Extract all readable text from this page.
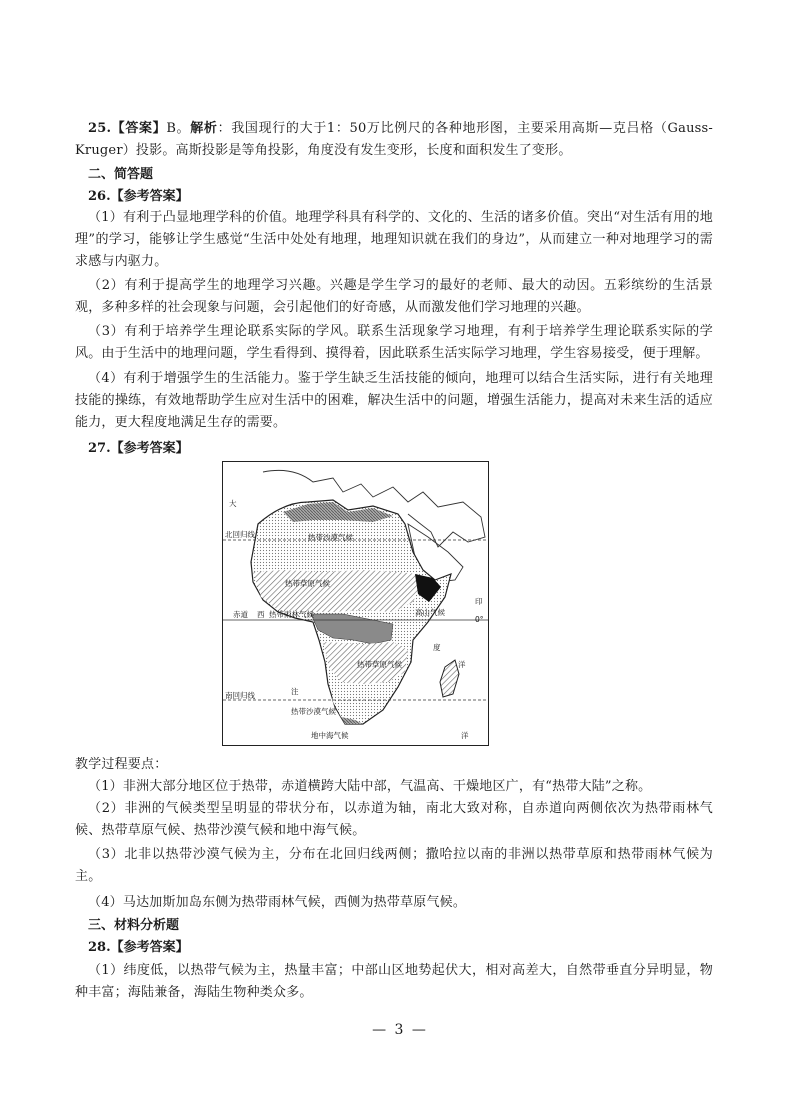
25.【答案】B。解析：我国现行的大于1：50万比例尺的各种地形图，主要采用高斯—克吕格（Gauss-Kruger）投影。高斯投影是等角投影，角度没有发生变形，长度和面积发生了变形。
二、简答题
26.【参考答案】
（1）有利于凸显地理学科的价值。地理学科具有科学的、文化的、生活的诸多价值。突出“对生活有用的地理”的学习，能够让学生感觉“生活中处处有地理，地理知识就在我们的身边”，从而建立一种对地理学习的需求感与内驱力。
（2）有利于提高学生的地理学习兴趣。兴趣是学生学习的最好的老师、最大的动因。五彩缤纷的生活景观，多种多样的社会现象与问题，会引起他们的好奇感，从而激发他们学习地理的兴趣。
（3）有利于培养学生理论联系实际的学风。联系生活现象学习地理，有利于培养学生理论联系实际的学风。由于生活中的地理问题，学生看得到、摸得着，因此联系生活实际学习地理，学生容易接受，便于理解。
（4）有利于增强学生的生活能力。鉴于学生缺乏生活技能的倾向，地理可以结合生活实际，进行有关地理技能的操练，有效地帮助学生应对生活中的困难，解决生活中的问题，增强生活能力，提高对未来生活的适应能力，更大程度地满足生存的需要。
27.【参考答案】
大
北回归线	热带沙漠气候
热带草原气候
赤道 西 热带雨林气候	高山气候
印
0°
热带草原气候
度
洋
注
南回归线
热带沙漠气候
地中海气候	洋
教学过程要点：
（1）非洲大部分地区位于热带，赤道横跨大陆中部，气温高、干燥地区广，有“热带大陆”之称。
（2）非洲的气候类型呈明显的带状分布，以赤道为轴，南北大致对称，自赤道向两侧依次为热带雨林气候、热带草原气候、热带沙漠气候和地中海气候。
（3）北非以热带沙漠气候为主，分布在北回归线两侧；撒哈拉以南的非洲以热带草原和热带雨林气候为主。
（4）马达加斯加岛东侧为热带雨林气候，西侧为热带草原气候。
三、材料分析题
28.【参考答案】
（1）纬度低，以热带气候为主，热量丰富；中部山区地势起伏大，相对高差大，自然带垂直分异明显，物种丰富；海陆兼备，海陆生物种类众多。
— 3 —
